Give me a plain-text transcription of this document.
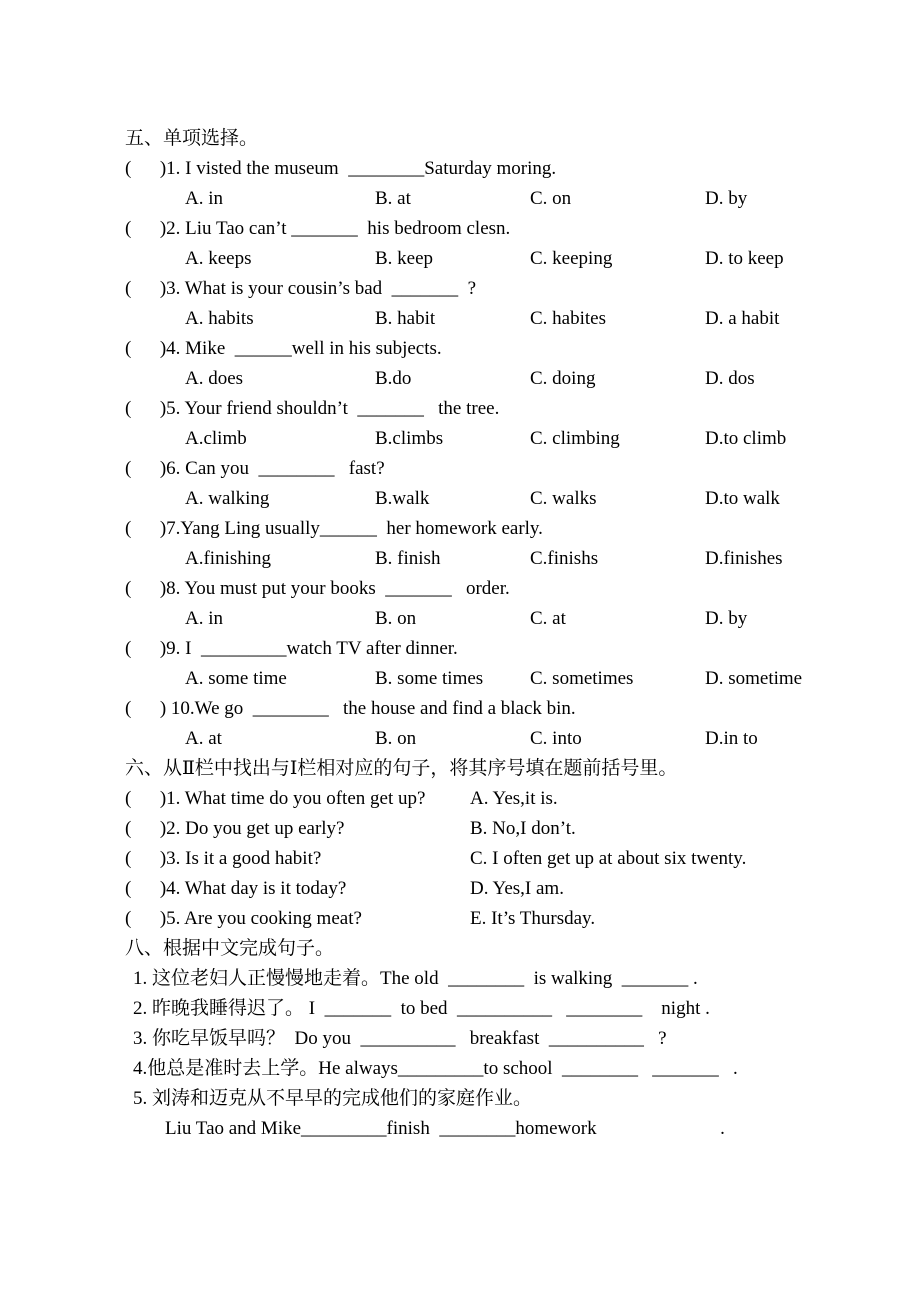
五、单项选择。
(      )1. I visted the museum  ________Saturday moring.
A. in	B. at	C. on	D. by
(      )2. Liu Tao can’t _______  his bedroom clesn.
A. keeps	B. keep	C. keeping	D. to keep
(      )3. What is your cousin’s bad  _______  ?
A. habits	B. habit	C. habites	D. a habit
(      )4. Mike  ______well in his subjects.
A. does	B.do	C. doing	D. dos
(      )5. Your friend shouldn’t  _______   the tree.
A.climb	B.climbs	C. climbing	D.to climb
(      )6. Can you  ________   fast?
A. walking	B.walk	C. walks	D.to walk
(      )7.Yang Ling usually______  her homework early.
A.finishing	B. finish	C.finishs	D.finishes
(      )8. You must put your books  _______   order.
A. in	B. on	C. at	D. by
(      )9. I  _________watch TV after dinner.
A. some time	B. some times	C. sometimes	D. sometime
(      ) 10.We go  ________   the house and find a black bin.
A. at	B. on	C. into	D.in to
六、从Ⅱ栏中找出与Ⅰ栏相对应的句子，将其序号填在题前括号里。
(      )1. What time do you often get up?	A. Yes,it is.
(      )2. Do you get up early?	B. No,I don’t.
(      )3. Is it a good habit?	C. I often get up at about six twenty.
(      )4. What day is it today?	D. Yes,I am.
(      )5. Are you cooking meat?	E. It’s Thursday.
八、根据中文完成句子。
1. 这位老妇人正慢慢地走着。The old  ________  is walking  _______ .
2. 昨晚我睡得迟了。 I  _______  to bed  __________   ________    night .
3. 你吃早饭早吗？  Do you  __________   breakfast  __________   ?
4.他总是准时去上学。He always_________to school  ________   _______   .
5. 刘涛和迈克从不早早的完成他们的家庭作业。
Liu Tao and Mike_________finish  ________homework                          .
